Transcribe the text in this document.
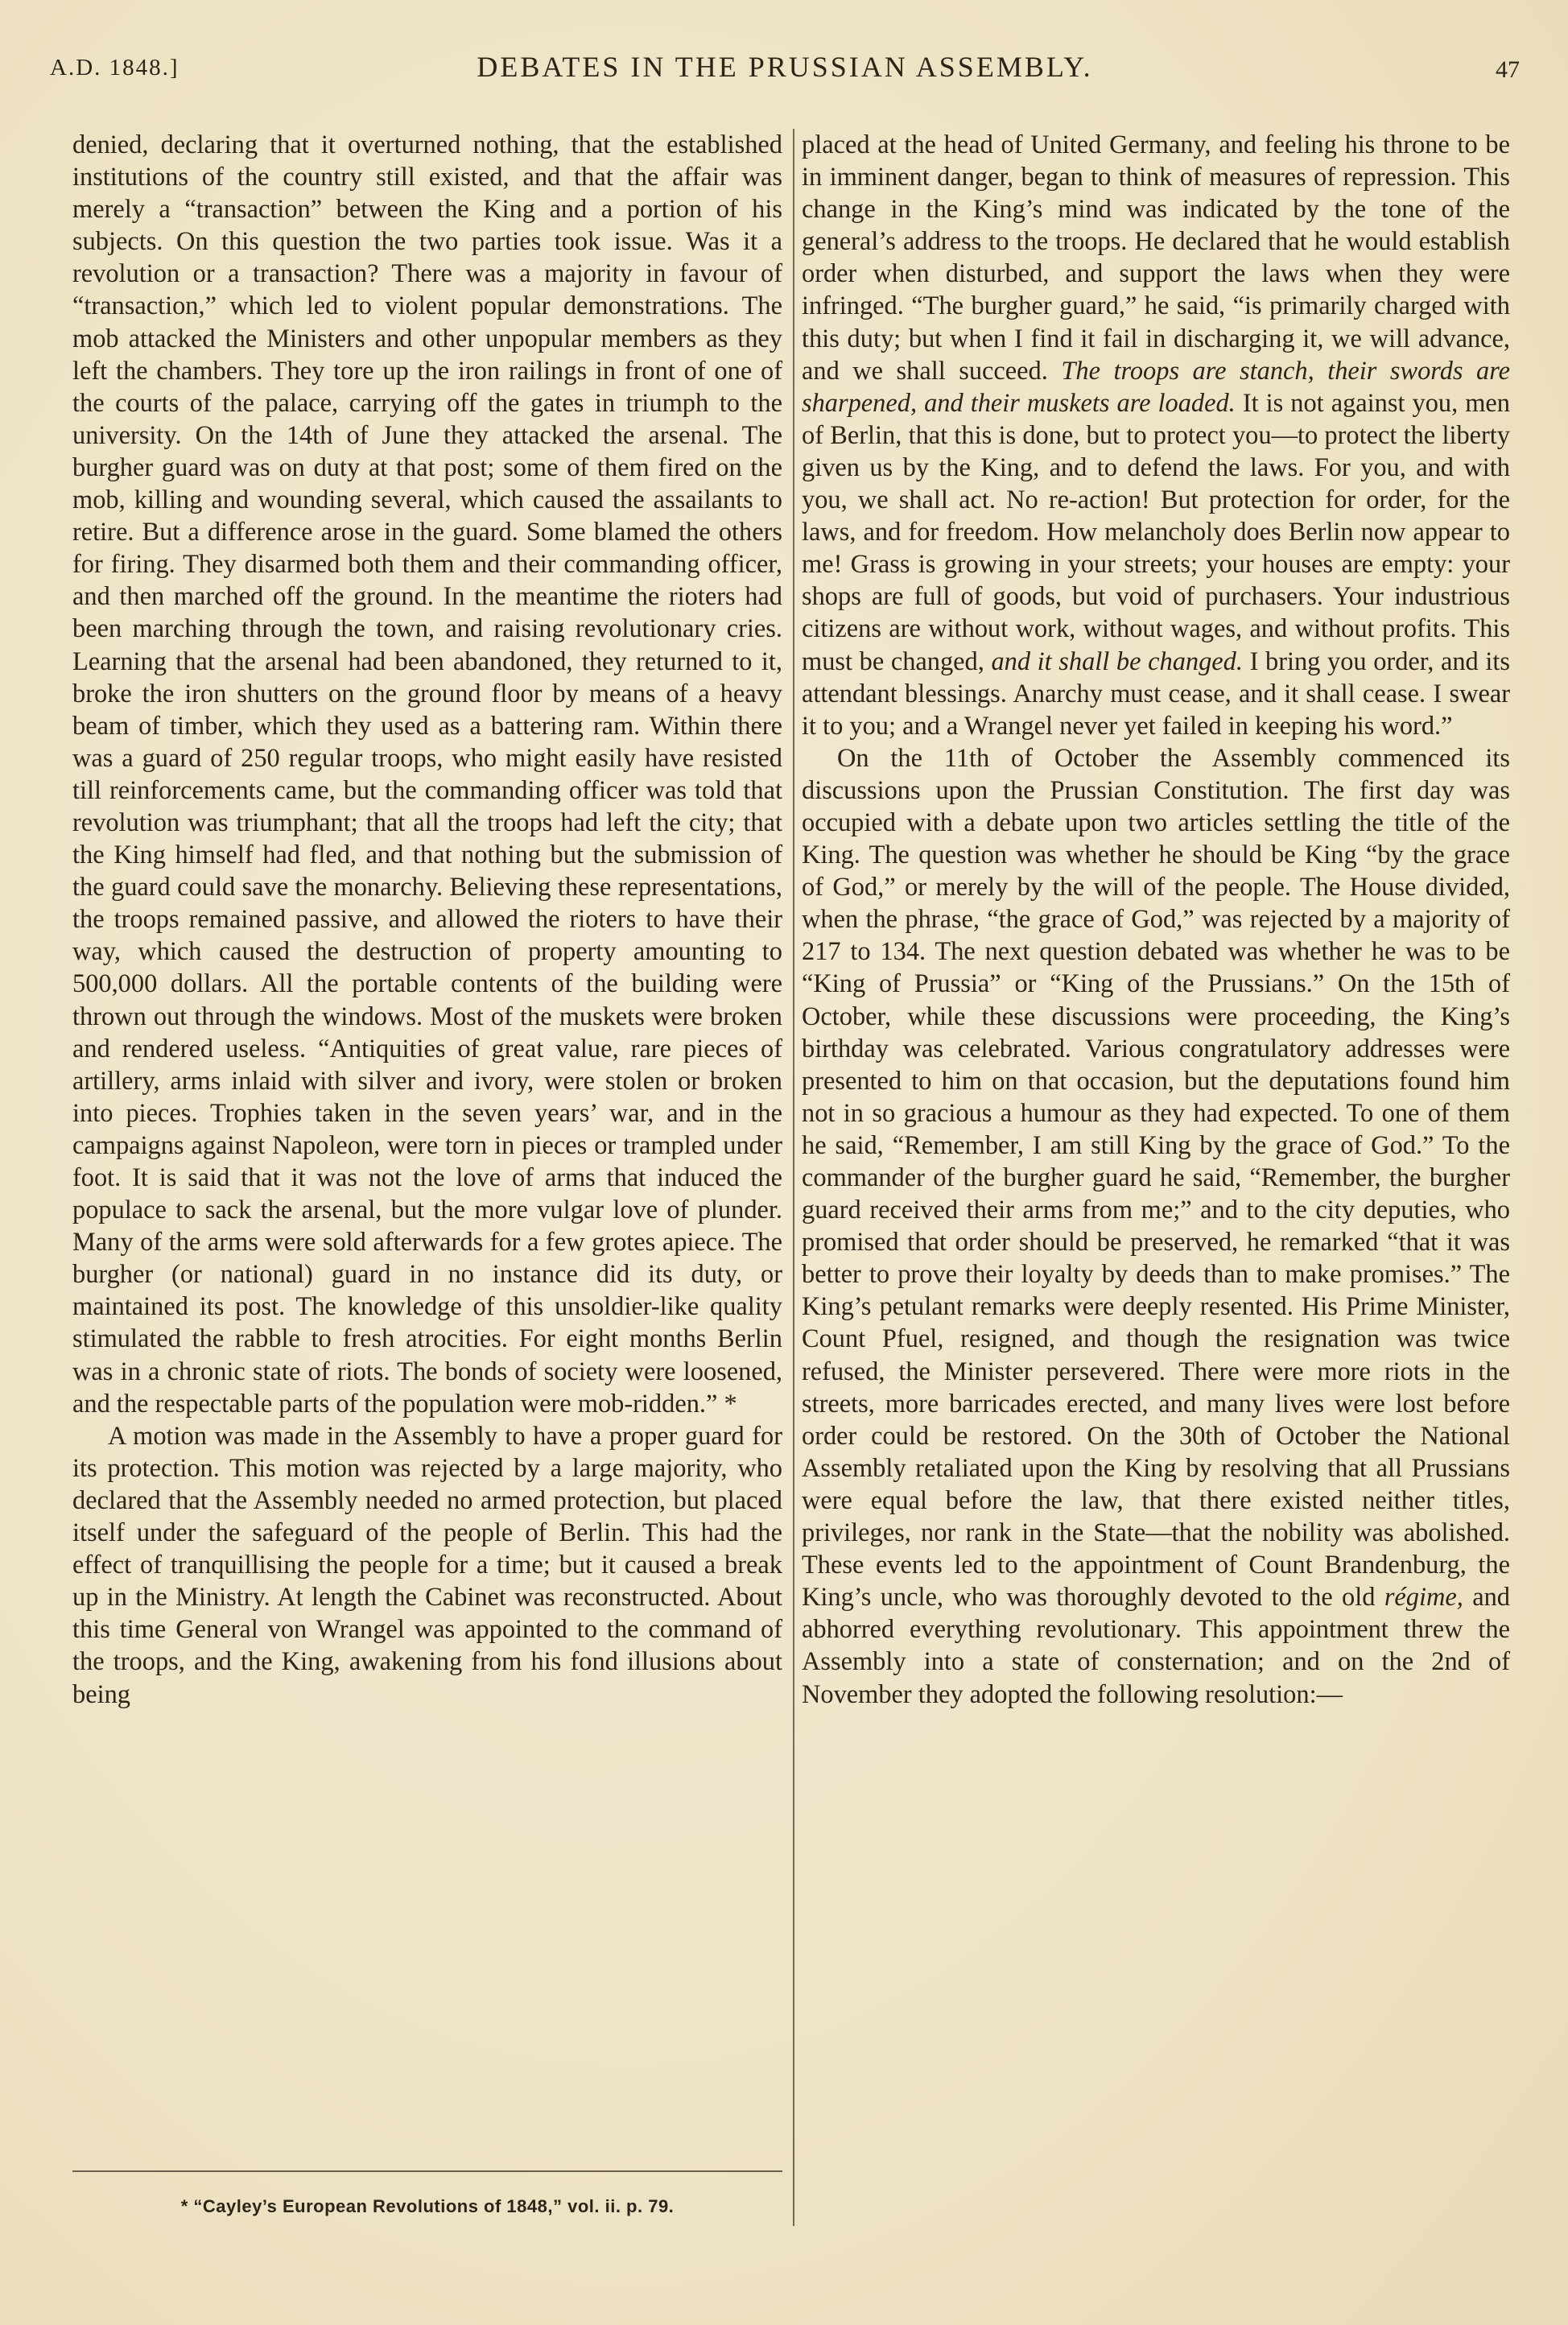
A.D. 1848.]	DEBATES IN THE PRUSSIAN ASSEMBLY.	47

denied, declaring that it overturned nothing, that the established institutions of the country still existed, and that the affair was merely a “transaction” between the King and a portion of his subjects. On this question the two parties took issue. Was it a revolution or a transaction? There was a majority in favour of “transaction,” which led to violent popular demonstrations. The mob attacked the Ministers and other unpopular members as they left the chambers. They tore up the iron railings in front of one of the courts of the palace, carrying off the gates in triumph to the university. On the 14th of June they attacked the arsenal. The burgher guard was on duty at that post; some of them fired on the mob, killing and wounding several, which caused the assailants to retire. But a difference arose in the guard. Some blamed the others for firing. They disarmed both them and their commanding officer, and then marched off the ground. In the meantime the rioters had been marching through the town, and raising revolutionary cries. Learning that the arsenal had been abandoned, they returned to it, broke the iron shutters on the ground floor by means of a heavy beam of timber, which they used as a battering ram. Within there was a guard of 250 regular troops, who might easily have resisted till reinforcements came, but the commanding officer was told that revolution was triumphant; that all the troops had left the city; that the King himself had fled, and that nothing but the submission of the guard could save the monarchy. Believing these representations, the troops remained passive, and allowed the rioters to have their way, which caused the destruction of property amounting to 500,000 dollars. All the portable contents of the building were thrown out through the windows. Most of the muskets were broken and rendered useless. “Antiquities of great value, rare pieces of artillery, arms inlaid with silver and ivory, were stolen or broken into pieces. Trophies taken in the seven years’ war, and in the campaigns against Napoleon, were torn in pieces or trampled under foot. It is said that it was not the love of arms that induced the populace to sack the arsenal, but the more vulgar love of plunder. Many of the arms were sold afterwards for a few grotes apiece. The burgher (or national) guard in no instance did its duty, or maintained its post. The knowledge of this unsoldier-like quality stimulated the rabble to fresh atrocities. For eight months Berlin was in a chronic state of riots. The bonds of society were loosened, and the respectable parts of the population were mob-ridden.” *

A motion was made in the Assembly to have a proper guard for its protection. This motion was rejected by a large majority, who declared that the Assembly needed no armed protection, but placed itself under the safeguard of the people of Berlin. This had the effect of tranquillising the people for a time; but it caused a break up in the Ministry. At length the Cabinet was reconstructed. About this time General von Wrangel was appointed to the command of the troops, and the King, awakening from his fond illusions about being

placed at the head of United Germany, and feeling his throne to be in imminent danger, began to think of measures of repression. This change in the King’s mind was indicated by the tone of the general’s address to the troops. He declared that he would establish order when disturbed, and support the laws when they were infringed. “The burgher guard,” he said, “is primarily charged with this duty; but when I find it fail in discharging it, we will advance, and we shall succeed. The troops are stanch, their swords are sharpened, and their muskets are loaded. It is not against you, men of Berlin, that this is done, but to protect you—to protect the liberty given us by the King, and to defend the laws. For you, and with you, we shall act. No re-action! But protection for order, for the laws, and for freedom. How melancholy does Berlin now appear to me! Grass is growing in your streets; your houses are empty: your shops are full of goods, but void of purchasers. Your industrious citizens are without work, without wages, and without profits. This must be changed, and it shall be changed. I bring you order, and its attendant blessings. Anarchy must cease, and it shall cease. I swear it to you; and a Wrangel never yet failed in keeping his word.”

On the 11th of October the Assembly commenced its discussions upon the Prussian Constitution. The first day was occupied with a debate upon two articles settling the title of the King. The question was whether he should be King “by the grace of God,” or merely by the will of the people. The House divided, when the phrase, “the grace of God,” was rejected by a majority of 217 to 134. The next question debated was whether he was to be “King of Prussia” or “King of the Prussians.” On the 15th of October, while these discussions were proceeding, the King’s birthday was celebrated. Various congratulatory addresses were presented to him on that occasion, but the deputations found him not in so gracious a humour as they had expected. To one of them he said, “Remember, I am still King by the grace of God.” To the commander of the burgher guard he said, “Remember, the burgher guard received their arms from me;” and to the city deputies, who promised that order should be preserved, he remarked “that it was better to prove their loyalty by deeds than to make promises.” The King’s petulant remarks were deeply resented. His Prime Minister, Count Pfuel, resigned, and though the resignation was twice refused, the Minister persevered. There were more riots in the streets, more barricades erected, and many lives were lost before order could be restored. On the 30th of October the National Assembly retaliated upon the King by resolving that all Prussians were equal before the law, that there existed neither titles, privileges, nor rank in the State—that the nobility was abolished. These events led to the appointment of Count Brandenburg, the King’s uncle, who was thoroughly devoted to the old régime, and abhorred everything revolutionary. This appointment threw the Assembly into a state of consternation; and on the 2nd of November they adopted the following resolution:—

* “Cayley’s European Revolutions of 1848,” vol. ii. p. 79.
